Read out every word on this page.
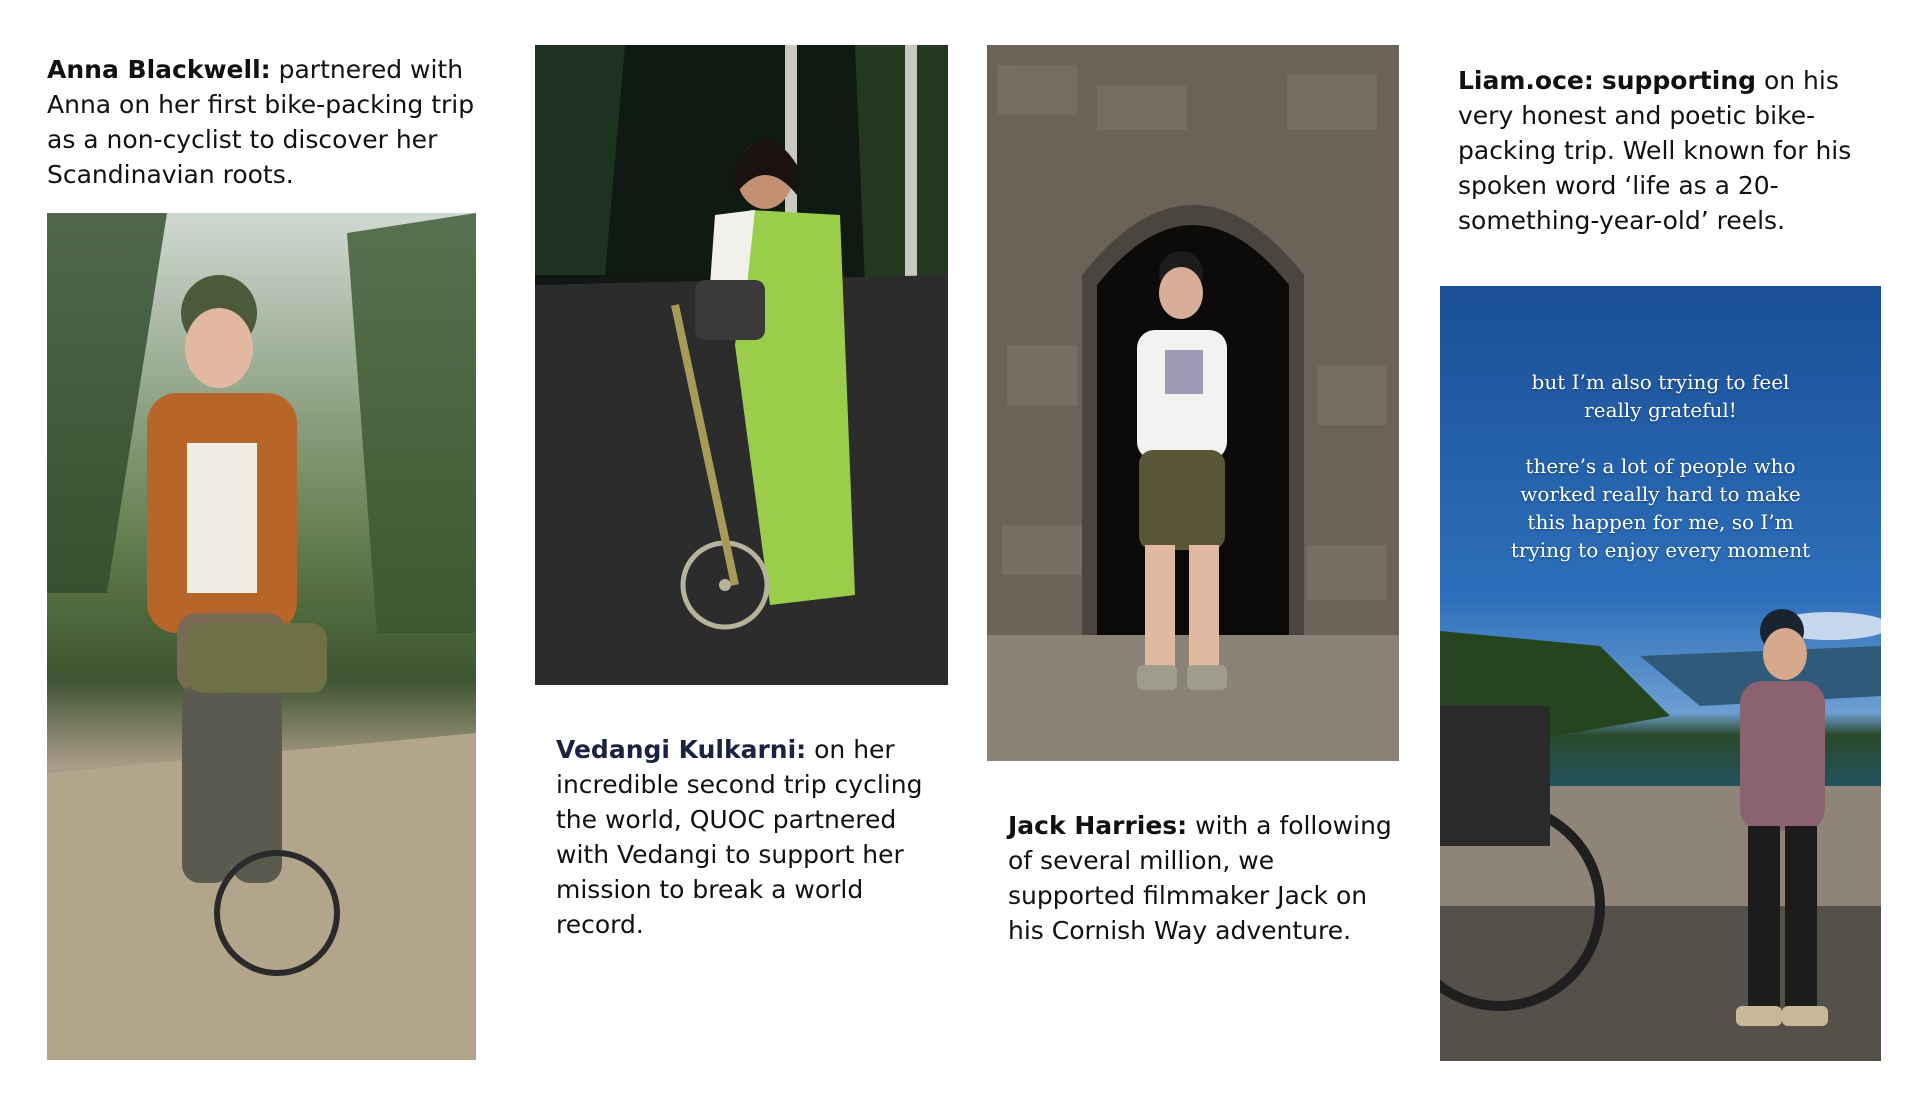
Anna Blackwell: partnered with Anna on her first bike-packing trip as a non-cyclist to discover her Scandinavian roots.

Vedangi Kulkarni: on her incredible second trip cycling the world, QUOC partnered with Vedangi to support her mission to break a world record.

Jack Harries: with a following of several million, we supported filmmaker Jack on his Cornish Way adventure.

Liam.oce: supporting on his very honest and poetic bike-packing trip. Well known for his spoken word ‘life as a 20-something-year-old’ reels.

but I’m also trying to feel really grateful!

there’s a lot of people who worked really hard to make this happen for me, so I’m trying to enjoy every moment
